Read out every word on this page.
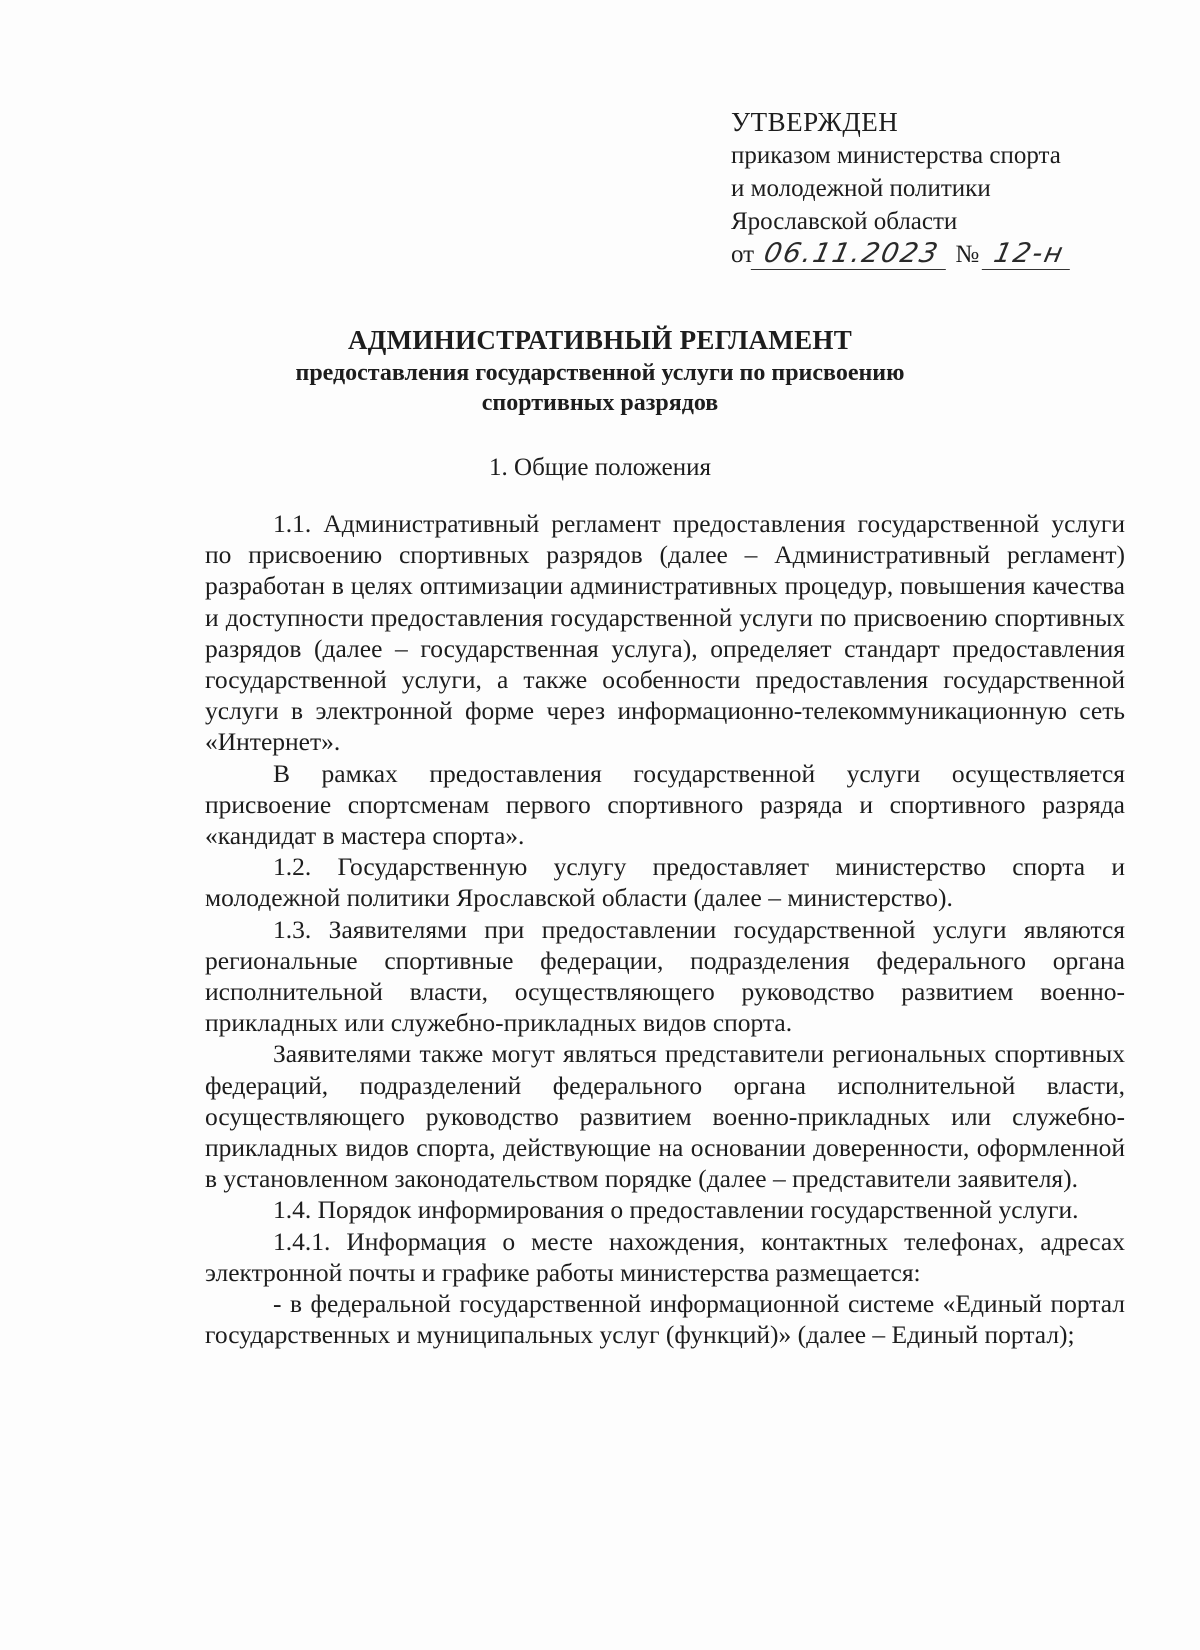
УТВЕРЖДЕН
приказом министерства спорта
и молодежной политики
Ярославской области
от 06.11.2023 № 12-н
АДМИНИСТРАТИВНЫЙ РЕГЛАМЕНТ
предоставления государственной услуги по присвоению
спортивных разрядов
1. Общие положения

1.1. Административный регламент предоставления государственной услуги по присвоению спортивных разрядов (далее – Административный регламент) разработан в целях оптимизации административных процедур, повышения качества и доступности предоставления государственной услуги по присвоению спортивных разрядов (далее – государственная услуга), определяет стандарт предоставления государственной услуги, а также особенности предоставления государственной услуги в электронной форме через информационно-телекоммуникационную сеть «Интернет».

В рамках предоставления государственной услуги осуществляется присвоение спортсменам первого спортивного разряда и спортивного разряда «кандидат в мастера спорта».

1.2. Государственную услугу предоставляет министерство спорта и молодежной политики Ярославской области (далее – министерство).

1.3. Заявителями при предоставлении государственной услуги являются региональные спортивные федерации, подразделения федерального органа исполнительной власти, осуществляющего руководство развитием военно-прикладных или служебно-прикладных видов спорта.

Заявителями также могут являться представители региональных спортивных федераций, подразделений федерального органа исполнительной власти, осуществляющего руководство развитием военно-прикладных или служебно-прикладных видов спорта, действующие на основании доверенности, оформленной в установленном законодательством порядке (далее – представители заявителя).

1.4. Порядок информирования о предоставлении государственной услуги.

1.4.1. Информация о месте нахождения, контактных телефонах, адресах электронной почты и графике работы министерства размещается:

- в федеральной государственной информационной системе «Единый портал государственных и муниципальных услуг (функций)» (далее – Единый портал);
